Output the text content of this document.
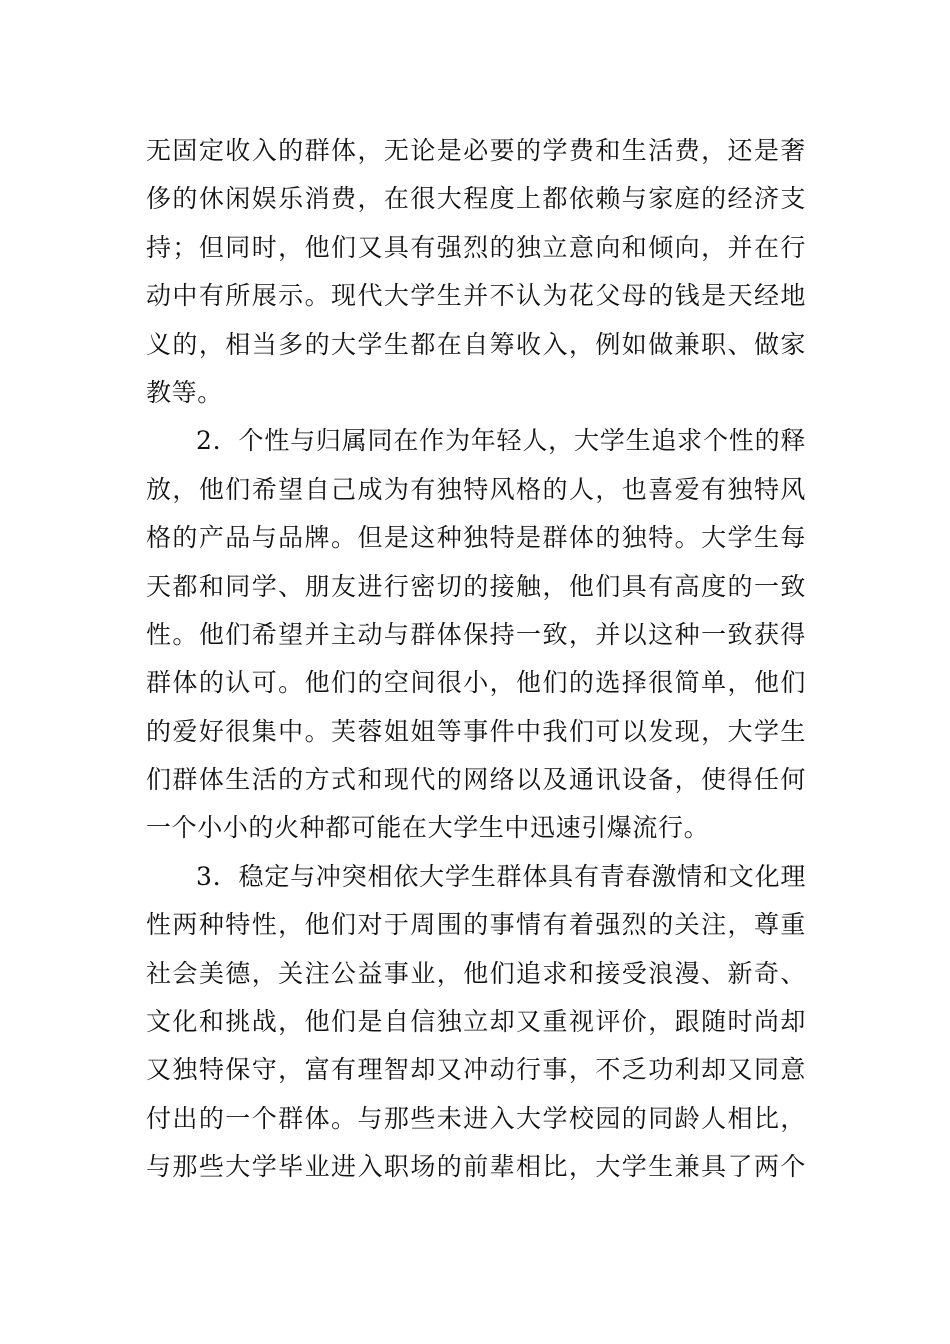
无固定收入的群体，无论是必要的学费和生活费，还是奢
侈的休闲娱乐消费，在很大程度上都依赖与家庭的经济支
持；但同时，他们又具有强烈的独立意向和倾向，并在行
动中有所展示。现代大学生并不认为花父母的钱是天经地
义的，相当多的大学生都在自筹收入，例如做兼职、做家
教等。
2．个性与归属同在作为年轻人，大学生追求个性的释
放，他们希望自己成为有独特风格的人，也喜爱有独特风
格的产品与品牌。但是这种独特是群体的独特。大学生每
天都和同学、朋友进行密切的接触，他们具有高度的一致
性。他们希望并主动与群体保持一致，并以这种一致获得
群体的认可。他们的空间很小，他们的选择很简单，他们
的爱好很集中。芙蓉姐姐等事件中我们可以发现，大学生
们群体生活的方式和现代的网络以及通讯设备，使得任何
一个小小的火种都可能在大学生中迅速引爆流行。
3．稳定与冲突相依大学生群体具有青春激情和文化理
性两种特性，他们对于周围的事情有着强烈的关注，尊重
社会美德，关注公益事业，他们追求和接受浪漫、新奇、
文化和挑战，他们是自信独立却又重视评价，跟随时尚却
又独特保守，富有理智却又冲动行事，不乏功利却又同意
付出的一个群体。与那些未进入大学校园的同龄人相比，
与那些大学毕业进入职场的前辈相比，大学生兼具了两个
